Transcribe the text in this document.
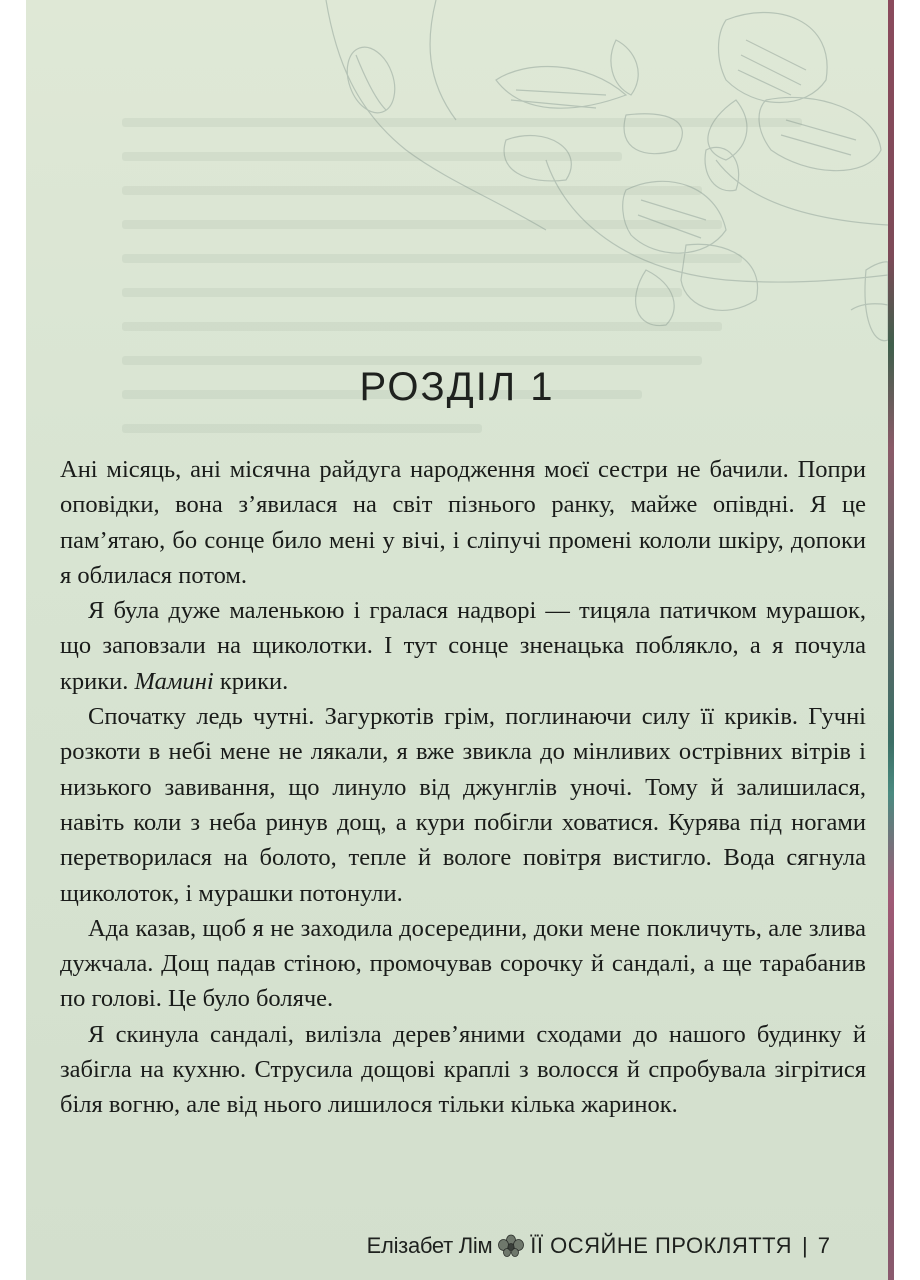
РОЗДІЛ 1

Ані місяць, ані місячна райдуга народження моєї сестри не бачили. Попри оповідки, вона з’явилася на світ пізнього ранку, майже опівдні. Я це пам’ятаю, бо сонце било мені у вічі, і сліпучі промені кололи шкіру, допоки я облилася потом.

Я була дуже маленькою і гралася надворі — тицяла патичком мурашок, що заповзали на щиколотки. І тут сонце зненацька поблякло, а я почула крики. Мамині крики.

Спочатку ледь чутні. Загуркотів грім, поглинаючи силу її криків. Гучні розкоти в небі мене не лякали, я вже звикла до мінливих острівних вітрів і низького завивання, що линуло від джунглів уночі. Тому й залишилася, навіть коли з неба ринув дощ, а кури побігли ховатися. Курява під ногами перетворилася на болото, тепле й вологе повітря вистигло. Вода сягнула щиколоток, і мурашки потонули.

Ада казав, щоб я не заходила досередини, доки мене покличуть, але злива дужчала. Дощ падав стіною, промочував сорочку й сандалі, а ще тарабанив по голові. Це було боляче.

Я скинула сандалі, вилізла дерев’яними сходами до нашого будинку й забігла на кухню. Струсила дощові краплі з волосся й спробувала зігрітися біля вогню, але від нього лишилося тільки кілька жаринок.

Елізабет Лім ЇЇ ОСЯЙНЕ ПРОКЛЯТТЯ | 7
